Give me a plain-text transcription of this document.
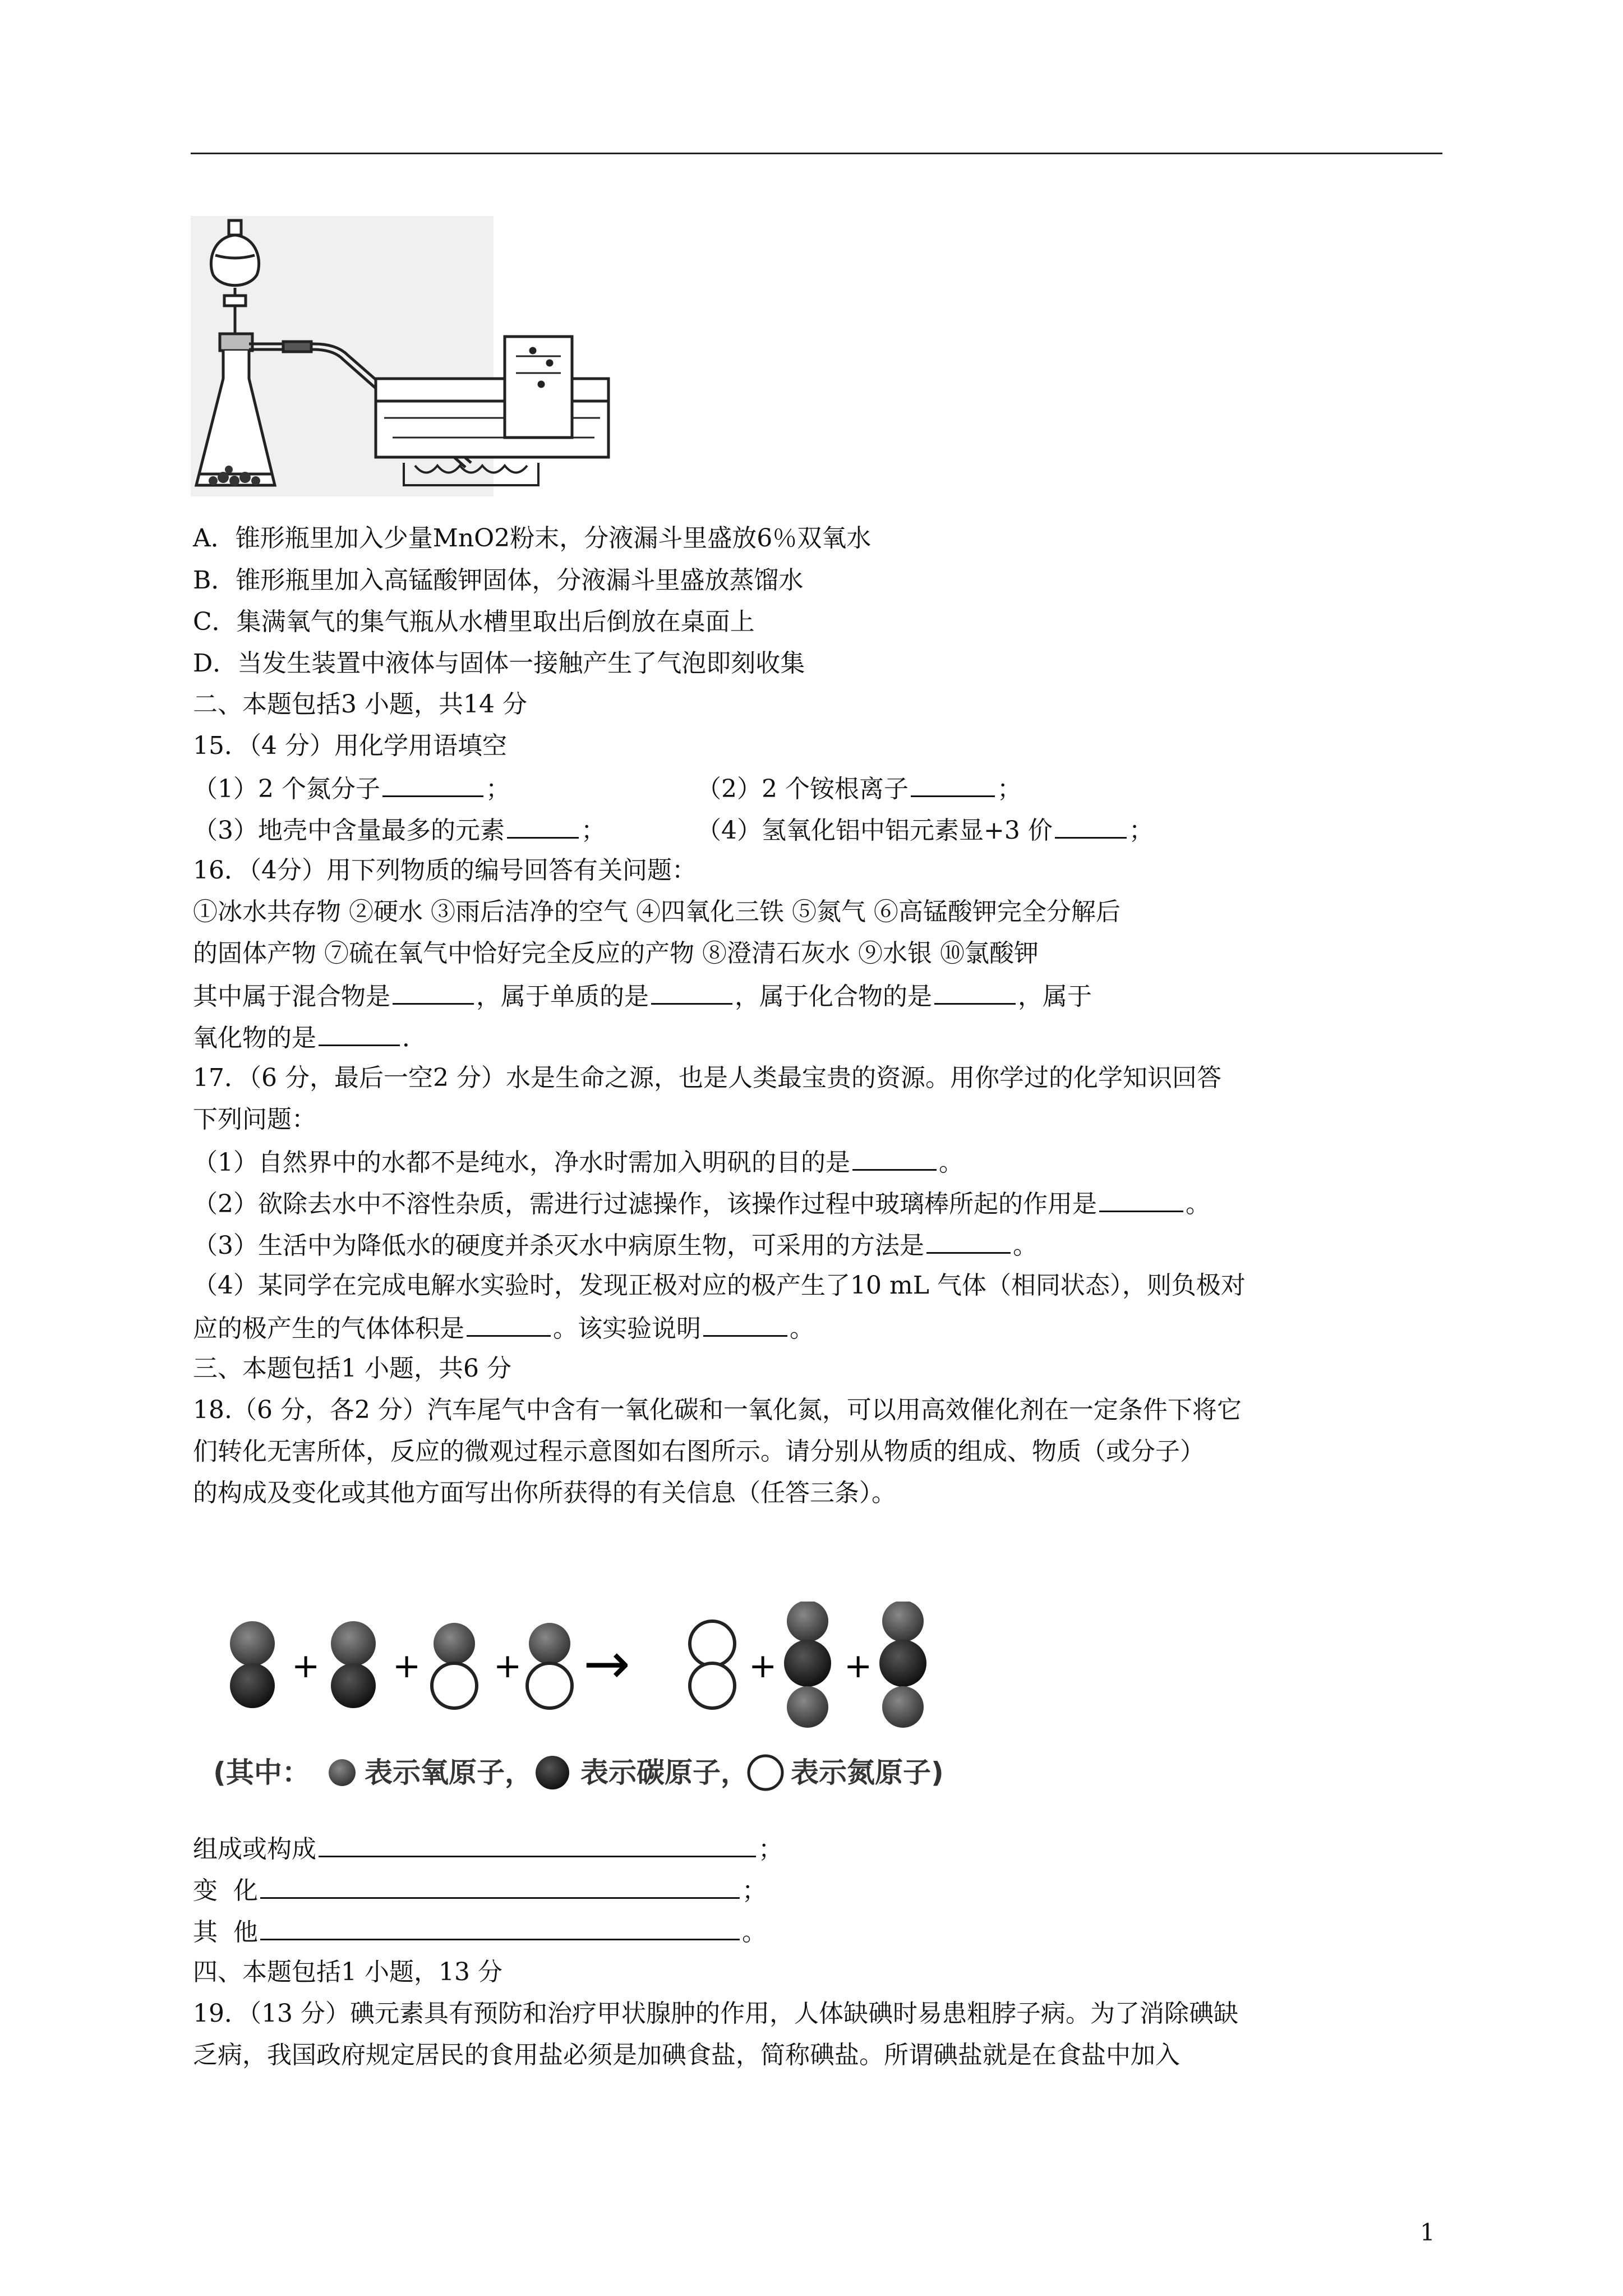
A．锥形瓶里加入少量MnO2粉末，分液漏斗里盛放6％双氧水
B．锥形瓶里加入高锰酸钾固体，分液漏斗里盛放蒸馏水
C．集满氧气的集气瓶从水槽里取出后倒放在桌面上
D．当发生装置中液体与固体一接触产生了气泡即刻收集
二、本题包括3 小题，共14 分
15．（4 分）用化学用语填空
（1）2 个氮分子	；	（2）2 个铵根离子	；
（3）地壳中含量最多的元素	；	（4）氢氧化铝中铝元素显+3 价	；
16．（4分）用下列物质的编号回答有关问题：
①冰水共存物 ②硬水 ③雨后洁净的空气 ④四氧化三铁 ⑤氮气 ⑥高锰酸钾完全分解后
的固体产物 ⑦硫在氧气中恰好完全反应的产物 ⑧澄清石灰水 ⑨水银 ⑩氯酸钾
其中属于混合物是	，属于单质的是	，属于化合物的是	，属于
氧化物的是	．
17．（6 分，最后一空2 分）水是生命之源，也是人类最宝贵的资源。用你学过的化学知识回答
下列问题：
（1）自然界中的水都不是纯水，净水时需加入明矾的目的是	。
（2）欲除去水中不溶性杂质，需进行过滤操作，该操作过程中玻璃棒所起的作用是	。
（3）生活中为降低水的硬度并杀灭水中病原生物，可采用的方法是	。
（4）某同学在完成电解水实验时，发现正极对应的极产生了10 mL 气体（相同状态），则负极对
应的极产生的气体体积是	。该实验说明	。
三、本题包括1 小题，共6 分
18.（6 分，各2 分）汽车尾气中含有一氧化碳和一氧化氮，可以用高效催化剂在一定条件下将它
们转化无害所体，反应的微观过程示意图如右图所示。请分别从物质的组成、物质（或分子）
的构成及变化或其他方面写出你所获得的有关信息（任答三条）。
+ + + →	+ +
(其中： 表示氧原子， 表示碳原子， 表示氮原子)
组成或构成	；
变  化	；
其  他	。
四、本题包括1 小题，13 分
19．（13 分）碘元素具有预防和治疗甲状腺肿的作用，人体缺碘时易患粗脖子病。为了消除碘缺
乏病，我国政府规定居民的食用盐必须是加碘食盐，简称碘盐。所谓碘盐就是在食盐中加入
1
